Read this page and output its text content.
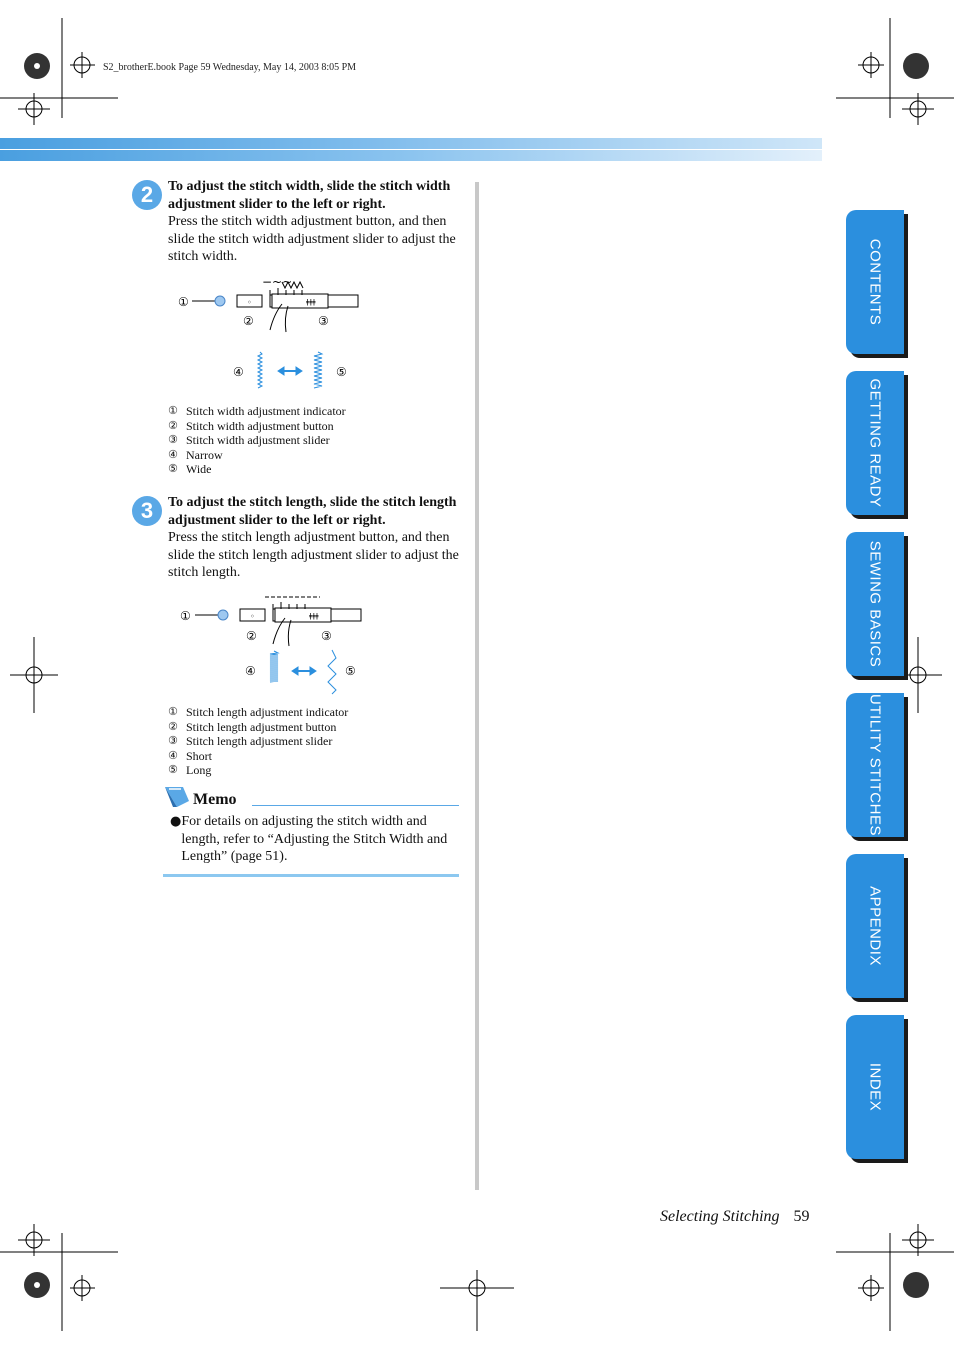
S2_brotherE.book Page 59 Wednesday, May 14, 2003 8:05 PM
2	To adjust the stitch width, slide the stitch width adjustment slider to the left or right.
Press the stitch width adjustment button, and then slide the stitch width adjustment slider to adjust the stitch width.
①
−~~
◦	ǂǂǂ
②	③
④	⑤
① Stitch width adjustment indicator
② Stitch width adjustment button
③ Stitch width adjustment slider
④ Narrow
⑤ Wide
3	To adjust the stitch length, slide the stitch length adjustment slider to the left or right.
Press the stitch length adjustment button, and then slide the stitch length adjustment slider to adjust the stitch length.
①	◦	ǂǂǂ
②	③
④	⑤
① Stitch length adjustment indicator
② Stitch length adjustment button
③ Stitch length adjustment slider
④ Short
⑤ Long
Memo
● For details on adjusting the stitch width and length, refer to “Adjusting the Stitch Width and Length” (page 51).
CONTENTS
GETTING READY
SEWING BASICS
UTILITY STITCHES
APPENDIX
INDEX
Selecting Stitching 59
